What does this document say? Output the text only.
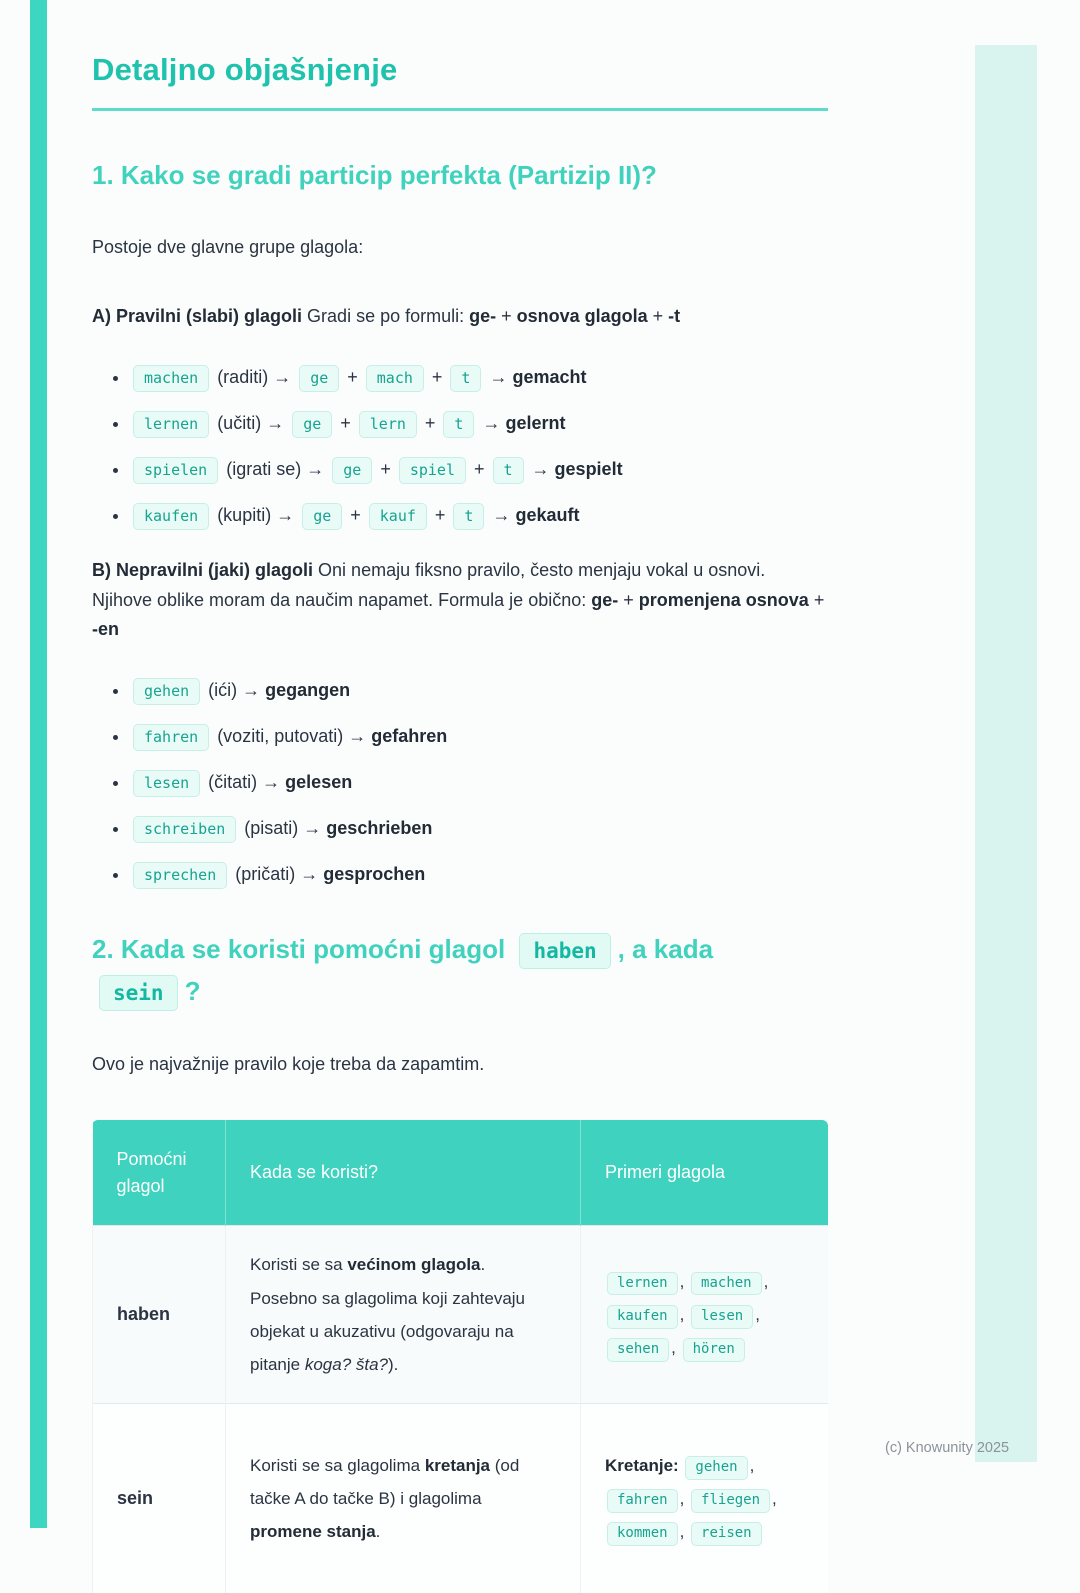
Detaljno objašnjenje
1. Kako se gradi particip perfekta (Partizip II)?

Postoje dve glavne grupe glagola:

A) Pravilni (slabi) glagoli Gradi se po formuli: ge- + osnova glagola + -t

• machen (raditi) → ge + mach + t → gemacht
• lernen (učiti) → ge + lern + t → gelernt
• spielen (igrati se) → ge + spiel + t → gespielt
• kaufen (kupiti) → ge + kauf + t → gekauft

B) Nepravilni (jaki) glagoli Oni nemaju fiksno pravilo, često menjaju vokal u osnovi. Njihove oblike moram da naučim napamet. Formula je obično: ge- + promenjena osnova + -en

• gehen (ići) → gegangen
• fahren (voziti, putovati) → gefahren
• lesen (čitati) → gelesen
• schreiben (pisati) → geschrieben
• sprechen (pričati) → gesprochen
2. Kada se koristi pomoćni glagol haben , a kada sein ?

Ovo je najvažnije pravilo koje treba da zapamtim.

Pomoćni glagol	Kada se koristi?	Primeri glagola
haben	Koristi se sa većinom glagola. Posebno sa glagolima koji zahtevaju objekat u akuzativu (odgovaraju na pitanje koga? šta?).	lernen , machen , kaufen , lesen , sehen , hören
sein	Koristi se sa glagolima kretanja (od tačke A do tačke B) i glagolima promene stanja.	Kretanje: gehen , fahren , fliegen , kommen , reisen
(c) Knowunity 2025
